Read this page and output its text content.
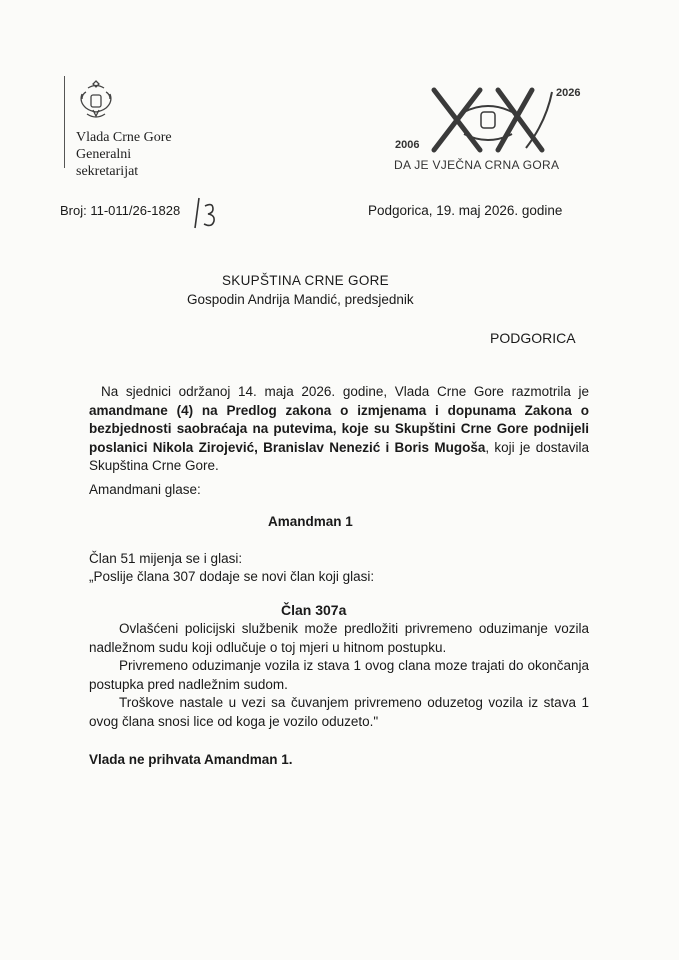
Vlada Crne Gore
Generalni
sekretarijat
2006
2026
DA JE VJEČNA CRNA GORA
Broj: 11-011/26-1828	Podgorica, 19. maj 2026. godine
SKUPŠTINA CRNE GORE
Gospodin Andrija Mandić, predsjednik
PODGORICA
Na sjednici održanoj 14. maja 2026. godine, Vlada Crne Gore razmotrila je amandmane (4) na Predlog zakona o izmjenama i dopunama Zakona o bezbjednosti saobraćaja na putevima, koje su Skupštini Crne Gore podnijeli poslanici Nikola Zirojević, Branislav Nenezić i Boris Mugoša, koji je dostavila Skupština Crne Gore.
Amandmani glase:
Amandman 1
Član 51 mijenja se i glasi:
„Poslije člana 307 dodaje se novi član koji glasi:
Član 307a

Ovlašćeni policijski službenik može predložiti privremeno oduzimanje vozila nadležnom sudu koji odlučuje o toj mjeri u hitnom postupku.

Privremeno oduzimanje vozila iz stava 1 ovog clana moze trajati do okončanja postupka pred nadležnim sudom.

Troškove nastale u vezi sa čuvanjem privremeno oduzetog vozila iz stava 1 ovog člana snosi lice od koga je vozilo oduzeto."

Vlada ne prihvata Amandman 1.
